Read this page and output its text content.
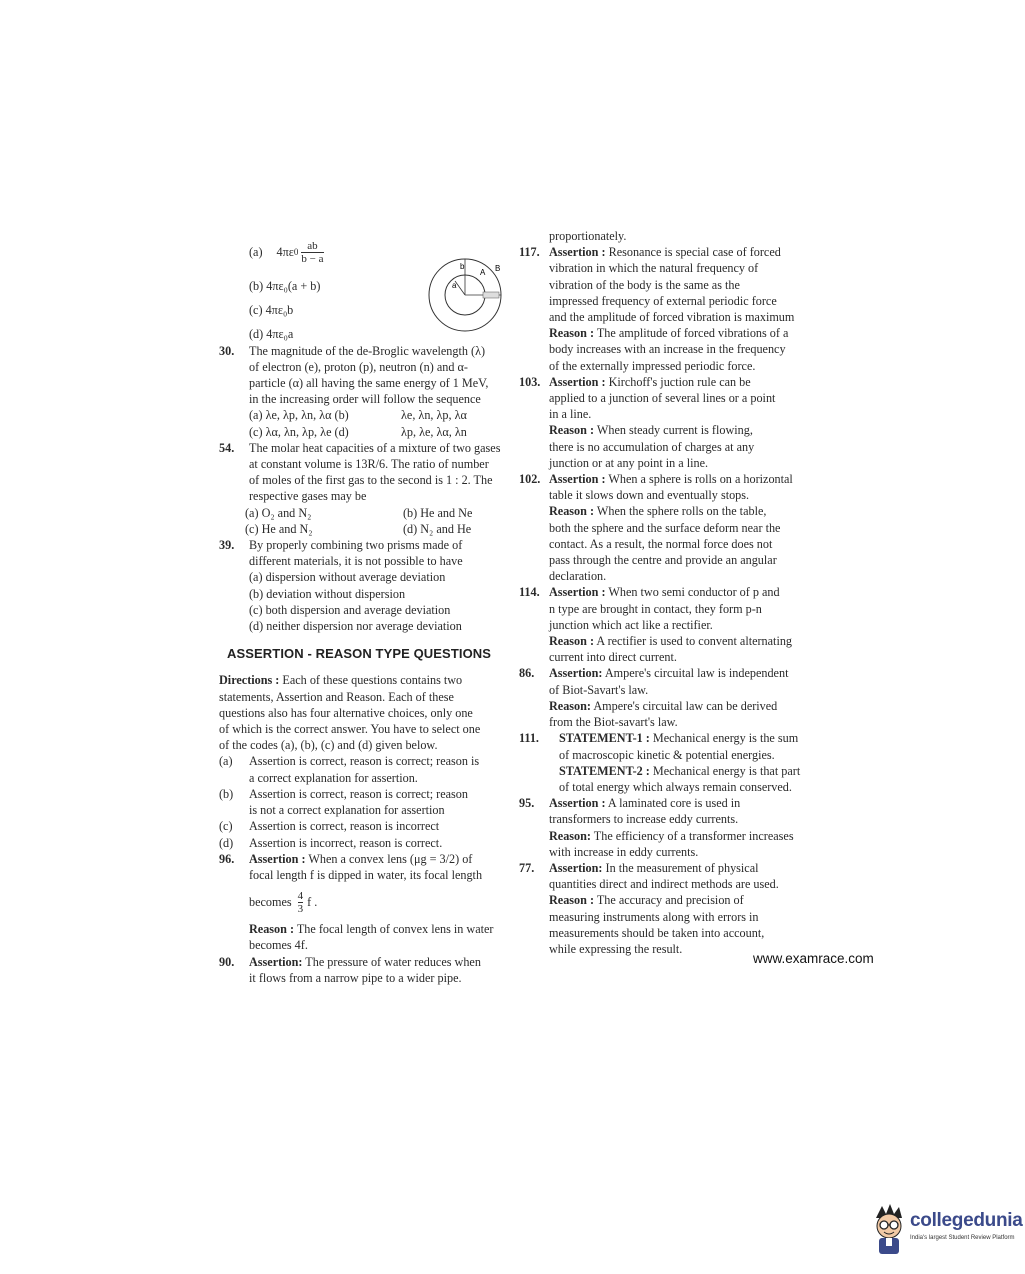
(a) 4πε $0 \frac{ab}{b - a}$
(b) 4πε₀(a + b)
(c) 4πε₀b
(d) 4πε₀a
30. The magnitude of the de-Broglic wavelength (λ)
of electron (e), proton (p), neutron (n) and α-
particle (α) all having the same energy of 1 MeV,
in the increasing order will follow the sequence
(a) λe, λp, λn, λα (b)	λe, λn, λp, λα
(c) λα, λn, λp, λe (d)	λp, λe, λα, λn
54. The molar heat capacities of a mixture of two gases
at constant volume is 13R/6. The ratio of number
of moles of the first gas to the second is 1 : 2. The
respective gases may be
(a) O₂ and N₂	(b) He and Ne
(c) He and N₂	(d) N₂ and He
39. By properly combining two prisms made of
different materials, it is not possible to have
(a) dispersion without average deviation
(b) deviation without dispersion
(c) both dispersion and average deviation
(d) neither dispersion nor average deviation
ASSERTION - REASON TYPE QUESTIONS
Directions : Each of these questions contains two
statements, Assertion and Reason. Each of these
questions also has four alternative choices, only one
of which is the correct answer. You have to select one
of the codes (a), (b), (c) and (d) given below.
(a) Assertion is correct, reason is correct; reason is
a correct explanation for assertion.
(b) Assertion is correct, reason is correct; reason
is not a correct explanation for assertion
(c) Assertion is correct, reason is incorrect
(d) Assertion is incorrect, reason is correct.
96. Assertion : When a convex lens (μg = 3/2) of
focal length f is dipped in water, its focal length
becomes $\frac{4}{3}$ f .
Reason : The focal length of convex lens in water
becomes 4f.
90. Assertion: The pressure of water reduces when
it flows from a narrow pipe to a wider pipe.
a
A
b	B
proportionately.
117. Assertion : Resonance is special case of forced
vibration in which the natural frequency of
vibration of the body is the same as the
impressed frequency of external periodic force
and the amplitude of forced vibration is maximum
Reason : The amplitude of forced vibrations of a
body increases with an increase in the frequency
of the externally impressed periodic force.
103. Assertion : Kirchoff's juction rule can be
applied to a junction of several lines or a point
in a line.
Reason : When steady current is flowing,
there is no accumulation of charges at any
junction or at any point in a line.
102. Assertion : When a sphere is rolls on a horizontal
table it slows down and eventually stops.
Reason : When the sphere rolls on the table,
both the sphere and the surface deform near the
contact. As a result, the normal force does not
pass through the centre and provide an angular
declaration.
114. Assertion : When two semi conductor of p and
n type are brought in contact, they form p-n
junction which act like a rectifier.
Reason : A rectifier is used to convent alternating
current into direct current.
86. Assertion: Ampere's circuital law is independent
of Biot-Savart's law.
Reason: Ampere's circuital law can be derived
from the Biot-savart's law.
111. STATEMENT-1 : Mechanical energy is the sum
of macroscopic kinetic & potential energies.
STATEMENT-2 : Mechanical energy is that part
of total energy which always remain conserved.
95. Assertion : A laminated core is used in
transformers to increase eddy currents.
Reason: The efficiency of a transformer increases
with increase in eddy currents.
77. Assertion: In the measurement of physical
quantities direct and indirect methods are used.
Reason : The accuracy and precision of
measuring instruments along with errors in
measurements should be taken into account,
while expressing the result.
www.examrace.com
collegedunia
India's largest Student Review Platform
